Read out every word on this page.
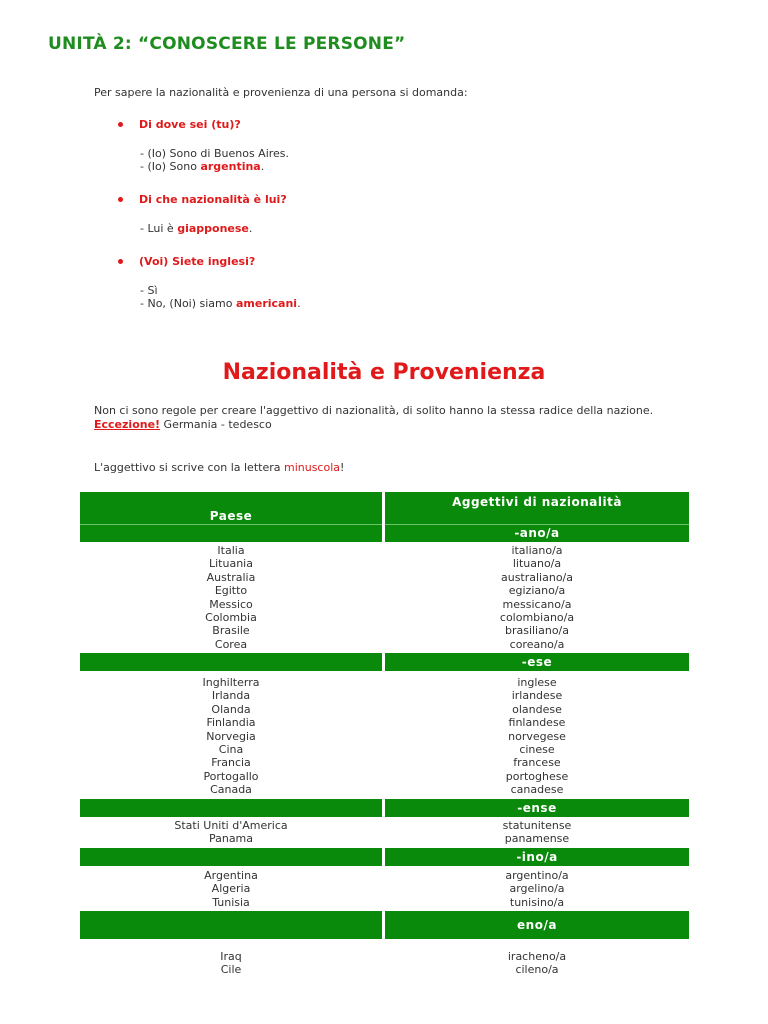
UNITÀ 2: “CONOSCERE LE PERSONE”
Per sapere la nazionalità e provenienza di una persona si domanda:
Di dove sei (tu)?
- (Io) Sono di Buenos Aires.
- (Io) Sono argentina.
Di che nazionalità è lui?
- Lui è giapponese.
(Voi) Siete inglesi?
- Sì
- No, (Noi) siamo americani.
Nazionalità e Provenienza
Non ci sono regole per creare l'aggettivo di nazionalità, di solito hanno la stessa radice della nazione.
Eccezione! Germania - tedesco
L'aggettivo si scrive con la lettera minuscola!
Paese
Aggettivi di nazionalità
-ano/a
Italia
Lituania
Australia
Egitto
Messico
Colombia
Brasile
Corea
italiano/a
lituano/a
australiano/a
egiziano/a
messicano/a
colombiano/a
brasiliano/a
coreano/a
-ese
Inghilterra
Irlanda
Olanda
Finlandia
Norvegia
Cina
Francia
Portogallo
Canada
inglese
irlandese
olandese
finlandese
norvegese
cinese
francese
portoghese
canadese
-ense
Stati Uniti d'America
Panama
statunitense
panamense
-ino/a
Argentina
Algeria
Tunisia
argentino/a
argelino/a
tunisino/a
eno/a
Iraq
Cile
iracheno/a
cileno/a
